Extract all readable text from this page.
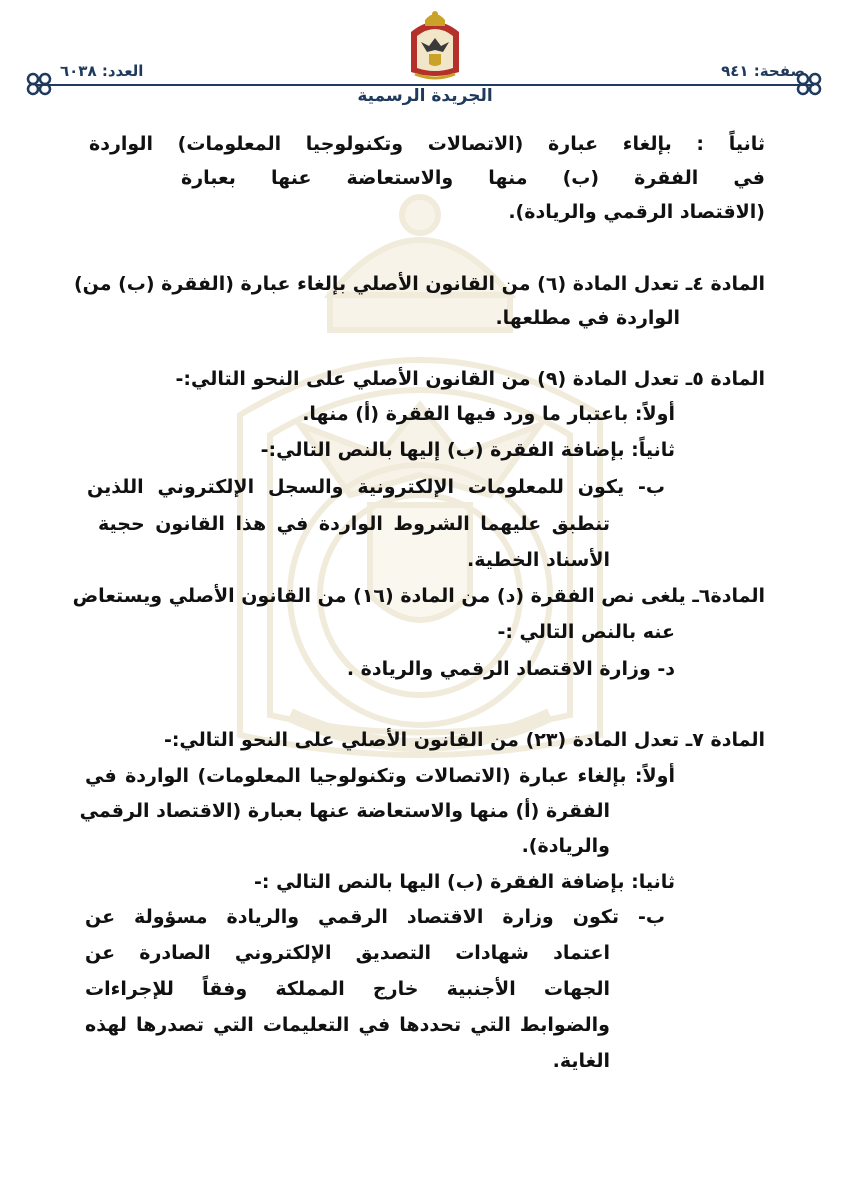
صفحة: ٩٤١
العدد: ٦٠٣٨
الجريدة الرسمية
ثانياً : بإلغاء عبارة (الاتصالات وتكنولوجيا المعلومات) الواردة
في الفقرة (ب) منها والاستعاضة عنها بعبارة
(الاقتصاد الرقمي والريادة).
المادة ٤ـ تعدل المادة (٦) من القانون الأصلي بإلغاء عبارة (الفقرة (ب) من)
الواردة في مطلعها.
المادة ٥ـ تعدل المادة (٩) من القانون الأصلي على النحو التالي:-
أولاً: باعتبار ما ورد فيها الفقرة (أ) منها.
ثانياً: بإضافة الفقرة (ب) إليها بالنص التالي:-
ب- يكون للمعلومات الإلكترونية والسجل الإلكتروني اللذين
تنطبق عليهما الشروط الواردة في هذا القانون حجية
الأسناد الخطية.
المادة٦ـ يلغى نص الفقرة (د) من المادة (١٦) من القانون الأصلي ويستعاض
عنه بالنص التالي :-
د- وزارة الاقتصاد الرقمي والريادة .
المادة ٧ـ تعدل المادة (٢٣) من القانون الأصلي على النحو التالي:-
أولاً: بإلغاء عبارة (الاتصالات وتكنولوجيا المعلومات) الواردة في
الفقرة (أ) منها والاستعاضة عنها بعبارة (الاقتصاد الرقمي
والريادة).
ثانيا: بإضافة الفقرة (ب) اليها بالنص التالي :-
ب- تكون وزارة الاقتصاد الرقمي والريادة مسؤولة عن
اعتماد شهادات التصديق الإلكتروني الصادرة عن
الجهات الأجنبية خارج المملكة وفقاً للإجراءات
والضوابط التي تحددها في التعليمات التي تصدرها لهذه
الغاية.
